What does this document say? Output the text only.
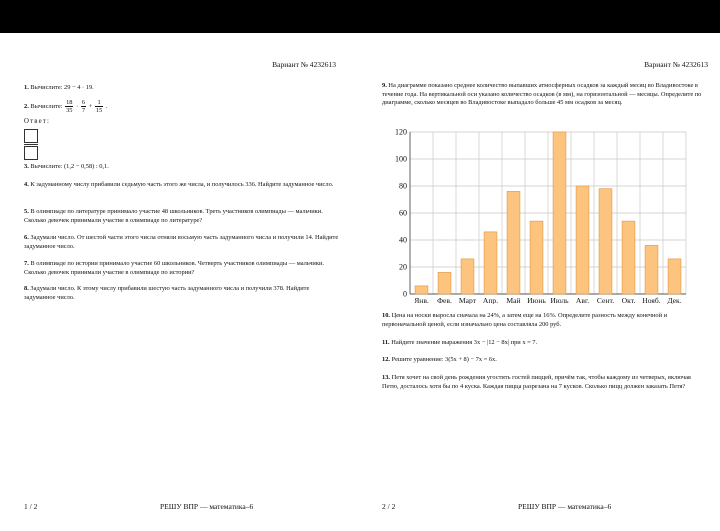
Вариант № 4232613
1. Вычислите: 29 − 4 · 19.
2. Вычислите: $\frac{18}{35} \cdot \frac{6}{7} + \frac{1}{15}$ .
Ответ:
3. Вычислите: (1,2 − 0,58) : 0,1.
4. К задуманному числу прибавили седьмую часть этого же числа, и получилось 336. Найдите задуманное число.
5. В олимпиаде по литературе принимало участие 48 школьников. Треть участников олимпиады — мальчики. Сколько девочек принимали участие в олимпиаде по литературе?
6. Задумали число. От шестой части этого числа отняли восьмую часть задуманного числа и получили 14. Найдите задуманное число.
7. В олимпиаде по истории принимало участие 60 школьников. Четверть участников олимпиады — мальчики. Сколько девочек принимали участие в олимпиаде по истории?
8. Задумали число. К этому числу прибавили шестую часть задуманного числа и получили 378. Найдите задуманное число.
1 / 2	РЕШУ ВПР — математика–6
Вариант № 4232613
9. На диаграмме показано среднее количество выпавших атмосферных осадков за каждый месяц во Владивостоке в течение года. На вертикальной оси указано количество осадков (в мм), на горизонтальной — месяцы. Определите по диаграмме, сколько месяцев во Владивостоке выпадало больше 45 мм осадков за месяц.
0
20
40
60
80
100
120
Янв. Фев. Март Апр. Май Июнь Июль Авг. Сент. Окт. Нояб. Дек.
10. Цена на носки выросла сначала на 24%, а затем еще на 16%. Определите разность между конечной и первоначальной ценой, если изначально цена составляла 200 руб.
11. Найдите значение выражения 3x − |12 − 8x| при x = 7.
12. Решите уравнение: 3(5x + 8) − 7x = 6x.
13. Петя хочет на свой день рождения угостить гостей пиццей, причём так, чтобы каждому из четверых, включая Петю, досталось хотя бы по 4 куска. Каждая пицца разрезана на 7 кусков. Сколько пицц должен заказать Петя?
2 / 2	РЕШУ ВПР — математика–6
